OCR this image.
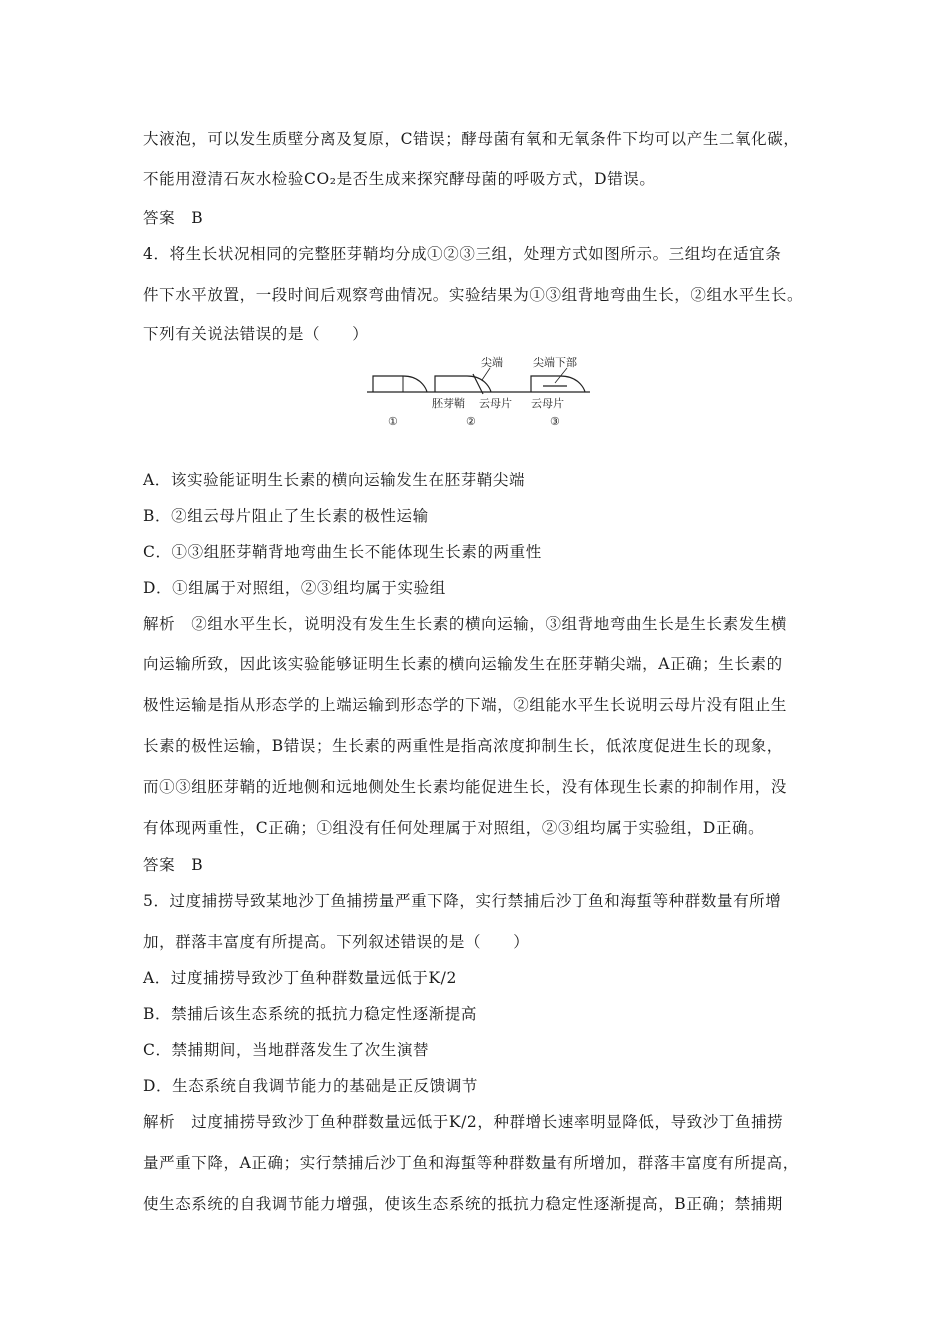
大液泡，可以发生质壁分离及复原，C错误；酵母菌有氧和无氧条件下均可以产生二氧化碳，
不能用澄清石灰水检验CO₂是否生成来探究酵母菌的呼吸方式，D错误。
答案　B
4．将生长状况相同的完整胚芽鞘均分成①②③三组，处理方式如图所示。三组均在适宜条
件下水平放置，一段时间后观察弯曲情况。实验结果为①③组背地弯曲生长，②组水平生长。
下列有关说法错误的是（　　）
尖端	尖端下部
胚芽鞘 云母片 云母片
①	②	③
A．该实验能证明生长素的横向运输发生在胚芽鞘尖端
B．②组云母片阻止了生长素的极性运输
C．①③组胚芽鞘背地弯曲生长不能体现生长素的两重性
D．①组属于对照组，②③组均属于实验组
解析　②组水平生长，说明没有发生生长素的横向运输，③组背地弯曲生长是生长素发生横
向运输所致，因此该实验能够证明生长素的横向运输发生在胚芽鞘尖端，A正确；生长素的
极性运输是指从形态学的上端运输到形态学的下端，②组能水平生长说明云母片没有阻止生
长素的极性运输，B错误；生长素的两重性是指高浓度抑制生长，低浓度促进生长的现象，
而①③组胚芽鞘的近地侧和远地侧处生长素均能促进生长，没有体现生长素的抑制作用，没
有体现两重性，C正确；①组没有任何处理属于对照组，②③组均属于实验组，D正确。
答案　B
5．过度捕捞导致某地沙丁鱼捕捞量严重下降，实行禁捕后沙丁鱼和海蜇等种群数量有所增
加，群落丰富度有所提高。下列叙述错误的是（　　）
A．过度捕捞导致沙丁鱼种群数量远低于K/2
B．禁捕后该生态系统的抵抗力稳定性逐渐提高
C．禁捕期间，当地群落发生了次生演替
D．生态系统自我调节能力的基础是正反馈调节
解析　过度捕捞导致沙丁鱼种群数量远低于K/2，种群增长速率明显降低，导致沙丁鱼捕捞
量严重下降，A正确；实行禁捕后沙丁鱼和海蜇等种群数量有所增加，群落丰富度有所提高，
使生态系统的自我调节能力增强，使该生态系统的抵抗力稳定性逐渐提高，B正确；禁捕期
